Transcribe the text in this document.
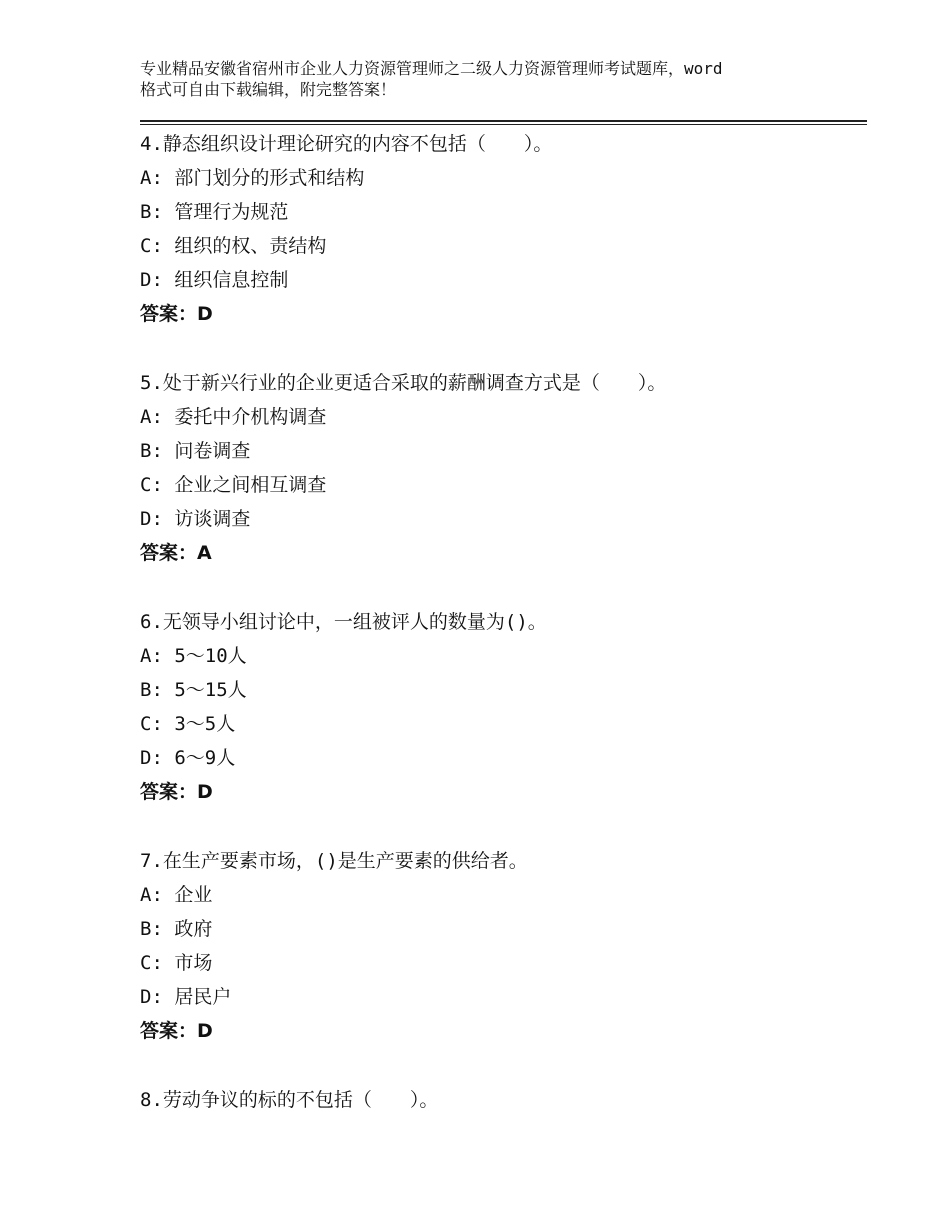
专业精品安徽省宿州市企业人力资源管理师之二级人力资源管理师考试题库，word
格式可自由下载编辑，附完整答案！
4.静态组织设计理论研究的内容不包括（　　）。
A: 部门划分的形式和结构
B: 管理行为规范
C: 组织的权、责结构
D: 组织信息控制
答案：D
5.处于新兴行业的企业更适合采取的薪酬调查方式是（　　）。
A: 委托中介机构调查
B: 问卷调查
C: 企业之间相互调查
D: 访谈调查
答案：A
6.无领导小组讨论中，一组被评人的数量为()。
A: 5～10人
B: 5～15人
C: 3～5人
D: 6～9人
答案：D
7.在生产要素市场，()是生产要素的供给者。
A: 企业
B: 政府
C: 市场
D: 居民户
答案：D
8.劳动争议的标的不包括（　　）。
